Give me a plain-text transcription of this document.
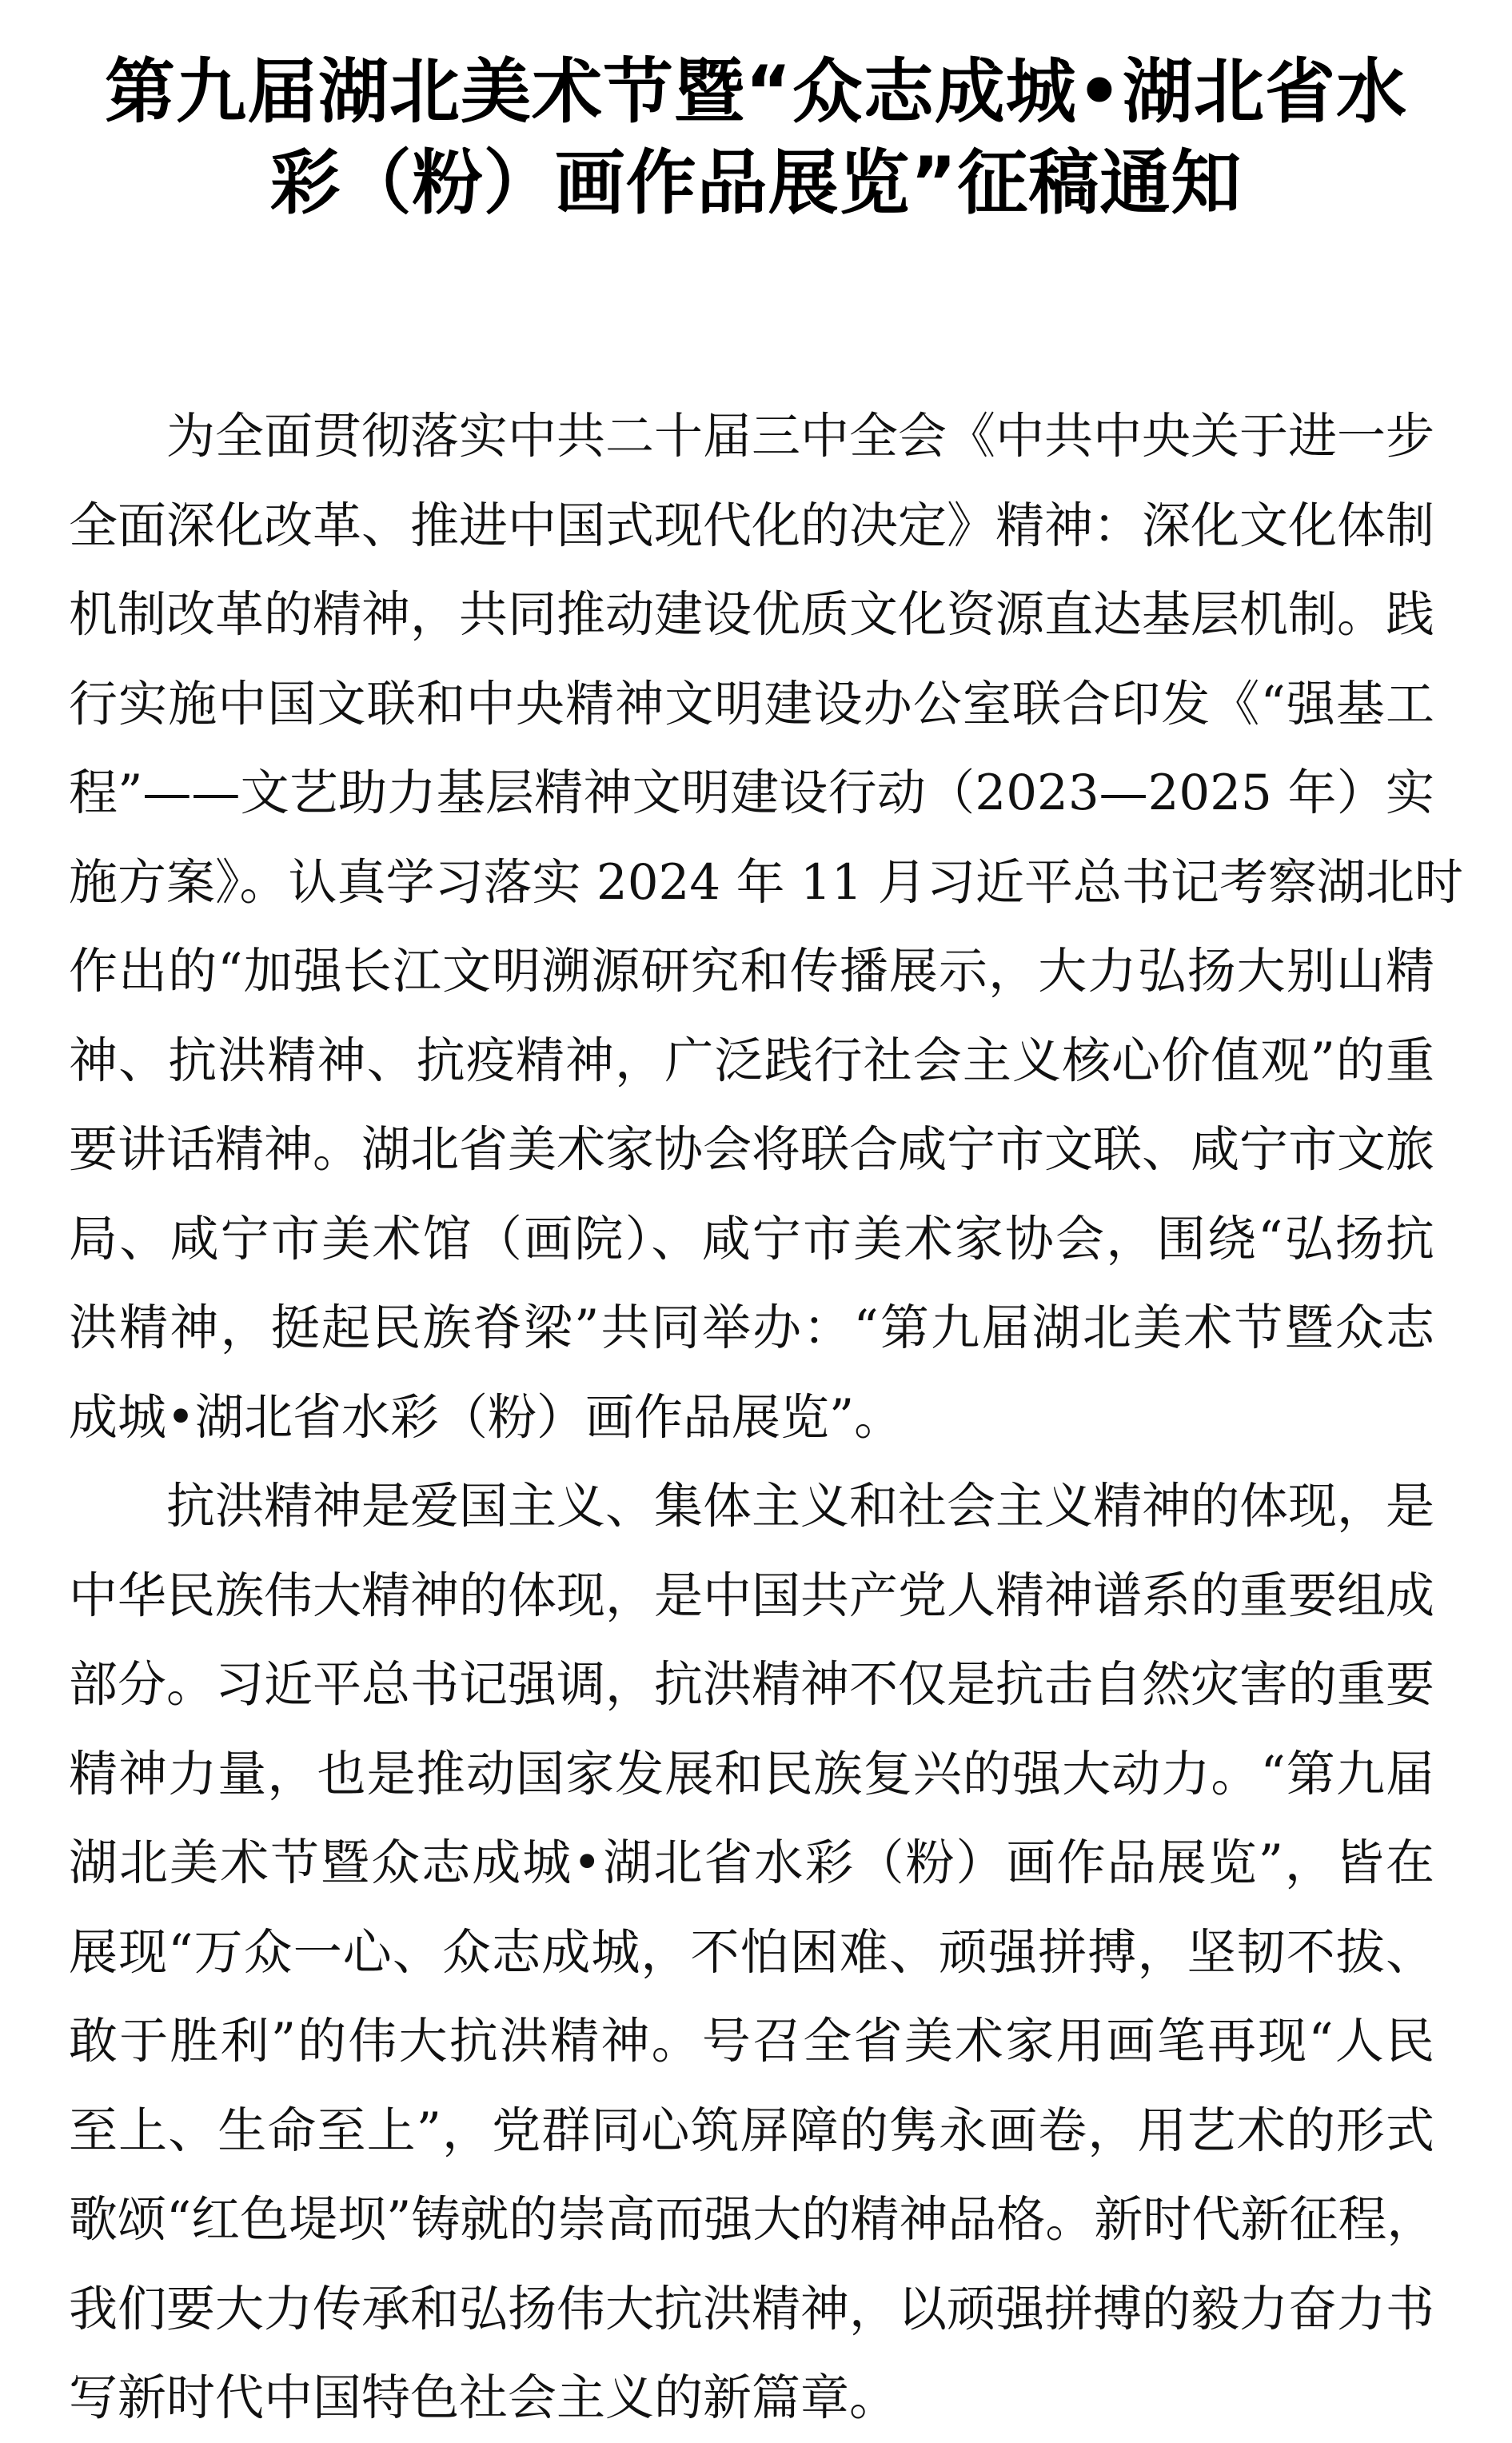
第九届湖北美术节暨“众志成城•湖北省水
彩（粉）画作品展览”征稿通知
　　为全面贯彻落实中共二十届三中全会《中共中央关于进一步
全面深化改革、推进中国式现代化的决定》精神：深化文化体制
机制改革的精神，共同推动建设优质文化资源直达基层机制。践
行实施中国文联和中央精神文明建设办公室联合印发《“强基工
程”——文艺助力基层精神文明建设行动（2023—2025 年）实
施方案》。认真学习落实 2024 年 11 月习近平总书记考察湖北时
作出的“加强长江文明溯源研究和传播展示，大力弘扬大别山精
神、抗洪精神、抗疫精神，广泛践行社会主义核心价值观”的重
要讲话精神。湖北省美术家协会将联合咸宁市文联、咸宁市文旅
局、咸宁市美术馆（画院）、咸宁市美术家协会，围绕“弘扬抗
洪精神，挺起民族脊梁”共同举办：“第九届湖北美术节暨众志
成城•湖北省水彩（粉）画作品展览”。
　　抗洪精神是爱国主义、集体主义和社会主义精神的体现，是
中华民族伟大精神的体现，是中国共产党人精神谱系的重要组成
部分。习近平总书记强调，抗洪精神不仅是抗击自然灾害的重要
精神力量，也是推动国家发展和民族复兴的强大动力。“第九届
湖北美术节暨众志成城•湖北省水彩（粉）画作品展览”，皆在
展现“万众一心、众志成城，不怕困难、顽强拼搏，坚韧不拔、
敢于胜利”的伟大抗洪精神。号召全省美术家用画笔再现“人民
至上、生命至上”，党群同心筑屏障的隽永画卷，用艺术的形式
歌颂“红色堤坝”铸就的崇高而强大的精神品格。新时代新征程，
我们要大力传承和弘扬伟大抗洪精神，以顽强拼搏的毅力奋力书
写新时代中国特色社会主义的新篇章。
